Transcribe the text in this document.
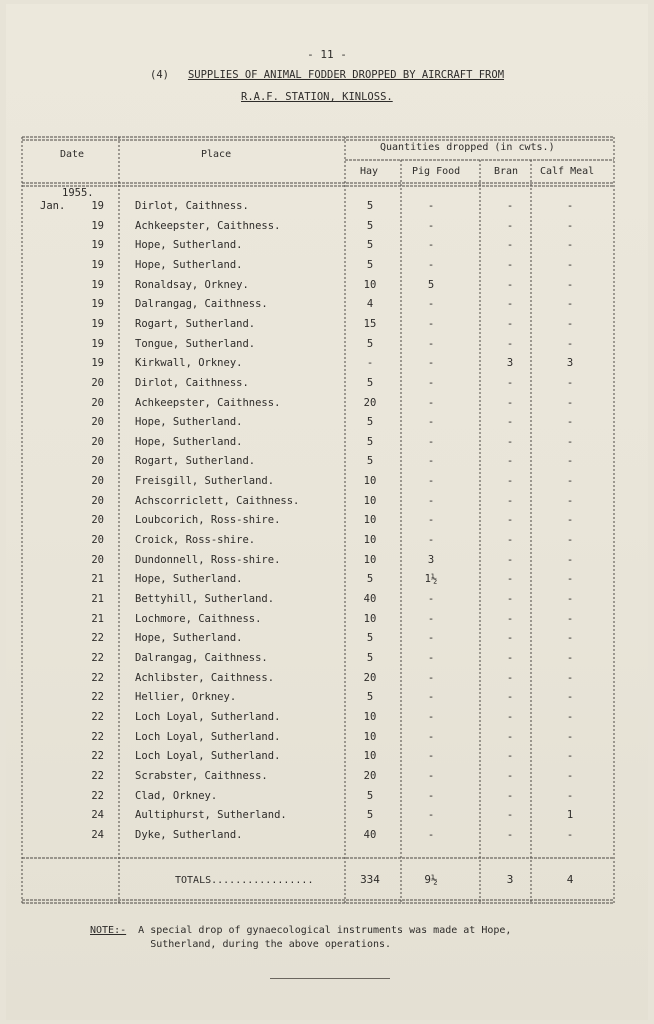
- 11 -
(4) SUPPLIES OF ANIMAL FODDER DROPPED BY AIRCRAFT FROM
R.A.F. STATION, KINLOSS.
Date	Place
Quantities dropped (in cwts.)
Hay	Pig Food	Bran Calf Meal
1955.
Jan.	19	Dirlot, Caithness.	5	-	-	-
19	Achkeepster, Caithness.	5	-	-	-
19	Hope, Sutherland.	5	-	-	-
19	Hope, Sutherland.	5	-	-	-
19	Ronaldsay, Orkney.	10	5	-	-
19	Dalrangag, Caithness.	4	-	-	-
19	Rogart, Sutherland.	15	-	-	-
19	Tongue, Sutherland.	5	-	-	-
19	Kirkwall, Orkney.	-	-	3	3
20	Dirlot, Caithness.	5	-	-	-
20	Achkeepster, Caithness.	20	-	-	-
20	Hope, Sutherland.	5	-	-	-
20	Hope, Sutherland.	5	-	-	-
20	Rogart, Sutherland.	5	-	-	-
20	Freisgill, Sutherland.	10	-	-	-
20	Achscorriclett, Caithness.	10	-	-	-
20	Loubcorich, Ross-shire.	10	-	-	-
20	Croick, Ross-shire.	10	-	-	-
20	Dundonnell, Ross-shire.	10	3	-	-
21	Hope, Sutherland.	5	1½	-	-
21	Bettyhill, Sutherland.	40	-	-	-
21	Lochmore, Caithness.	10	-	-	-
22	Hope, Sutherland.	5	-	-	-
22	Dalrangag, Caithness.	5	-	-	-
22	Achlibster, Caithness.	20	-	-	-
22	Hellier, Orkney.	5	-	-	-
22	Loch Loyal, Sutherland.	10	-	-	-
22	Loch Loyal, Sutherland.	10	-	-	-
22	Loch Loyal, Sutherland.	10	-	-	-
22	Scrabster, Caithness.	20	-	-	-
22	Clad, Orkney.	5	-	-	-
24	Aultiphurst, Sutherland.	5	-	-	1
24	Dyke, Sutherland.	40	-	-	-
TOTALS.................	334	9½	3	4
NOTE:- A special drop of gynaecological instruments was made at Hope,
Sutherland, during the above operations.
